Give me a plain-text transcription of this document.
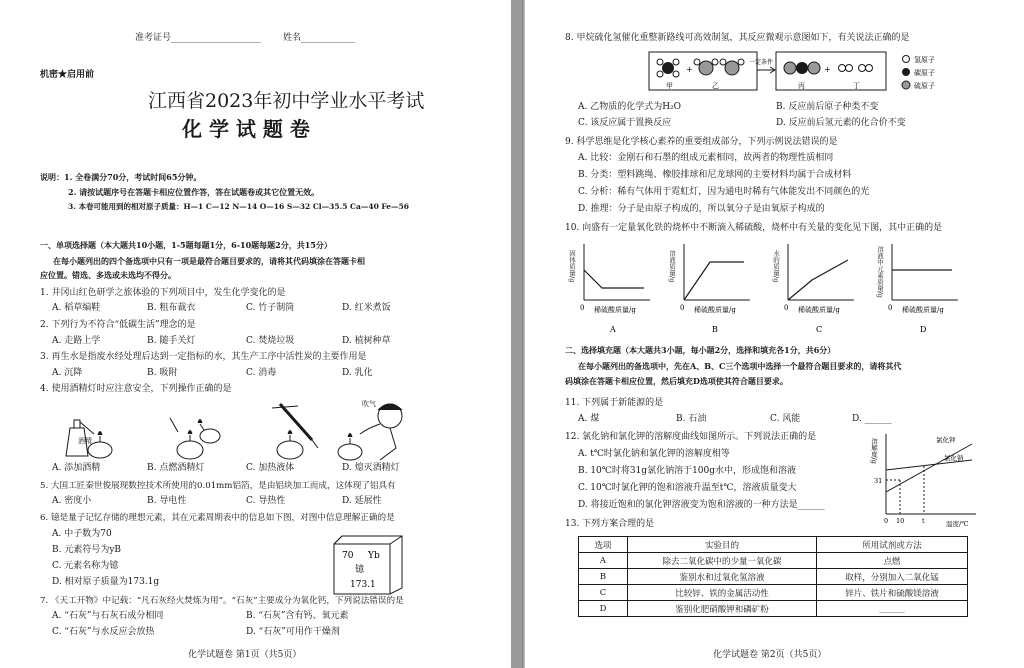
准考证号____________________ 姓名____________
机密★启用前
江西省2023年初中学业水平考试
化 学 试 题 卷
说明：1. 全卷满分70分，考试时间65分钟。
2. 请按试题序号在答题卡相应位置作答，答在试题卷或其它位置无效。
3. 本卷可能用到的相对原子质量：H—1 C—12 N—14 O—16 S—32 Cl—35.5 Ca—40 Fe—56
一、单项选择题（本大题共10小题，1-5题每题1分，6-10题每题2分，共15分）
在每小题列出的四个备选项中只有一项是最符合题目要求的，请将其代码填涂在答题卡相
应位置。错选、多选或未选均不得分。
1. 井冈山红色研学之旅体验的下列项目中，发生化学变化的是
A. 稻草编鞋	B. 粗布裁衣	C. 竹子制筒	D. 红米煮饭
2. 下列行为不符合“低碳生活”理念的是
A. 走路上学	B. 随手关灯	C. 焚烧垃圾	D. 植树种草
3. 再生水是指废水经处理后达到一定指标的水，其生产工序中活性炭的主要作用是
A. 沉降	B. 吸附	C. 消毒	D. 乳化
4. 使用酒精灯时应注意安全，下列操作正确的是
酒精
吹气
A. 添加酒精	B. 点燃酒精灯	C. 加热液体	D. 熄灭酒精灯
5. 大国工匠秦世俊展现数控技术所使用的0.01mm铝箔，是由铝块加工而成，这体现了铝具有
A. 密度小	B. 导电性	C. 导热性	D. 延展性
6. 镱是量子记忆存储的理想元素，其在元素周期表中的信息如下图，对图中信息理解正确的是
A. 中子数为70
B. 元素符号为yB
C. 元素名称为镱
D. 相对原子质量为173.1g
70 Yb
镱
173.1
7. 《天工开物》中记载：“凡石灰经火焚炼为用”。“石灰”主要成分为氧化钙，下列说法错误的是
A. “石灰”与石灰石成分相同	B. “石灰”含有钙、氧元素
C. “石灰”与水反应会放热	D. “石灰”可用作干燥剂
化学试题卷 第1页（共5页）
8. 甲烷硫化氢催化重整新路线可高效制氢，其反应微观示意图如下，有关说法正确的是
+
甲	乙
一定条件
+
丙	丁
氢原子
碳原子
硫原子
A. 乙物质的化学式为H₂O	B. 反应前后原子种类不变
C. 该反应属于置换反应	D. 反应前后氢元素的化合价不变
9. 科学思维是化学核心素养的重要组成部分，下列示例说法错误的是
A. 比较：金刚石和石墨的组成元素相同，故两者的物理性质相同
B. 分类：塑料跳绳、橡胶排球和尼龙球网的主要材料均属于合成材料
C. 分析：稀有气体用于霓虹灯，因为通电时稀有气体能发出不同颜色的光
D. 推理：分子是由原子构成的，所以氧分子是由氧原子构成的
10. 向盛有一定量氧化铁的烧杯中不断滴入稀硫酸，烧杯中有关量的变化见下图，其中正确的是
固体质量/g	溶液质量/g	水的质量/g	溶液中元素质量/g
0	0	0	0
稀硫酸质量/g	稀硫酸质量/g	稀硫酸质量/g	稀硫酸质量/g
A	B	C	D
二、选择填充题（本大题共3小题，每小题2分，选择和填充各1分，共6分）
在每小题列出的备选项中，先在A、B、C三个选项中选择一个最符合题目要求的，请将其代
码填涂在答题卡相应位置，然后填充D选项使其符合题目要求。
11. 下列属于新能源的是
A. 煤	B. 石油	C. 风能	D. ______
12. 氯化钠和氯化钾的溶解度曲线如图所示。下列说法正确的是
A. t℃时氯化钠和氯化钾的溶解度相等
B. 10℃时将31g氯化钠溶于100g水中，形成饱和溶液
C. 10℃时氯化钾的饱和溶液升温至t℃，溶液质量变大
D. 将接近饱和的氯化钾溶液变为饱和溶液的一种方法是______
溶解度/g	氯化钾
氯化钠
31
0 10	t	温度/℃
13. 下列方案合理的是
选项	实验目的	所用试剂或方法
A	除去二氧化碳中的少量一氧化碳	点燃
B	鉴别水和过氧化氢溶液	取样，分别加入二氧化锰
C	比较锌、铁的金属活动性	锌片、铁片和硫酸镁溶液
D	鉴别化肥硝酸钾和磷矿粉	______
化学试题卷 第2页（共5页）
